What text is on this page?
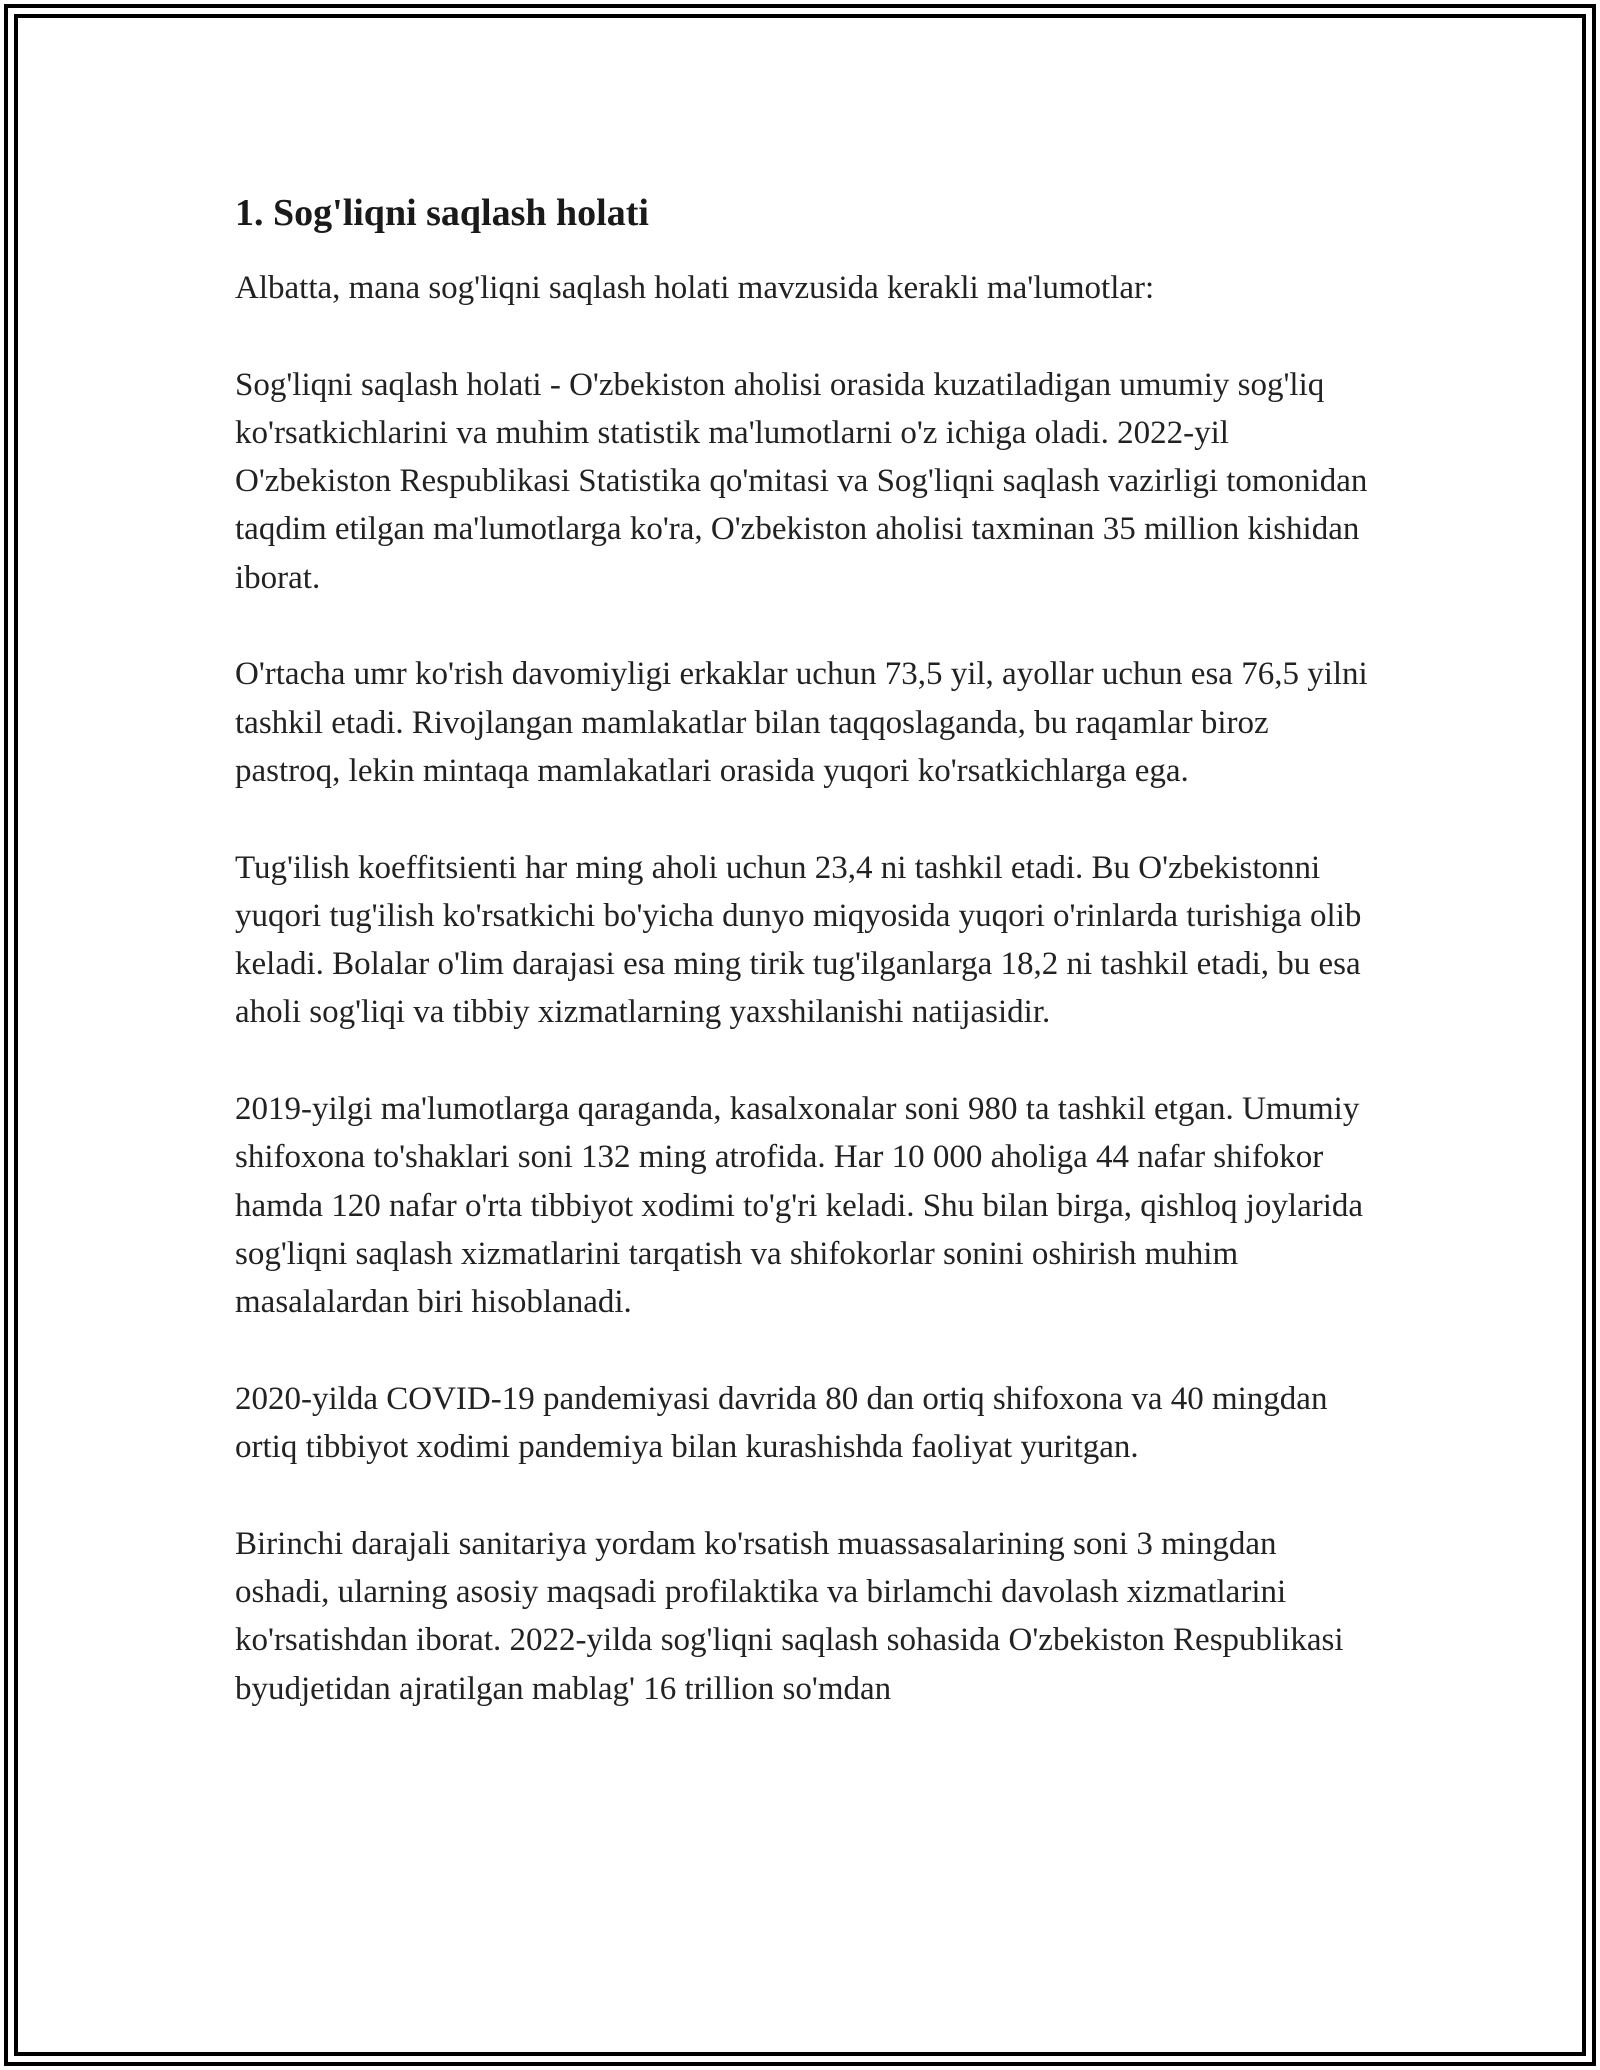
1. Sog'liqni saqlash holati

Albatta, mana sog'liqni saqlash holati mavzusida kerakli ma'lumotlar:

Sog'liqni saqlash holati - O'zbekiston aholisi orasida kuzatiladigan umumiy sog'liq ko'rsatkichlarini va muhim statistik ma'lumotlarni o'z ichiga oladi. 2022-yil O'zbekiston Respublikasi Statistika qo'mitasi va Sog'liqni saqlash vazirligi tomonidan taqdim etilgan ma'lumotlarga ko'ra, O'zbekiston aholisi taxminan 35 million kishidan iborat.

O'rtacha umr ko'rish davomiyligi erkaklar uchun 73,5 yil, ayollar uchun esa 76,5 yilni tashkil etadi. Rivojlangan mamlakatlar bilan taqqoslaganda, bu raqamlar biroz pastroq, lekin mintaqa mamlakatlari orasida yuqori ko'rsatkichlarga ega.

Tug'ilish koeffitsienti har ming aholi uchun 23,4 ni tashkil etadi. Bu O'zbekistonni yuqori tug'ilish ko'rsatkichi bo'yicha dunyo miqyosida yuqori o'rinlarda turishiga olib keladi. Bolalar o'lim darajasi esa ming tirik tug'ilganlarga 18,2 ni tashkil etadi, bu esa aholi sog'liqi va tibbiy xizmatlarning yaxshilanishi natijasidir.

2019-yilgi ma'lumotlarga qaraganda, kasalxonalar soni 980 ta tashkil etgan. Umumiy shifoxona to'shaklari soni 132 ming atrofida. Har 10 000 aholiga 44 nafar shifokor hamda 120 nafar o'rta tibbiyot xodimi to'g'ri keladi. Shu bilan birga, qishloq joylarida sog'liqni saqlash xizmatlarini tarqatish va shifokorlar sonini oshirish muhim masalalardan biri hisoblanadi.

2020-yilda COVID-19 pandemiyasi davrida 80 dan ortiq shifoxona va 40 mingdan ortiq tibbiyot xodimi pandemiya bilan kurashishda faoliyat yuritgan.

Birinchi darajali sanitariya yordam ko'rsatish muassasalarining soni 3 mingdan oshadi, ularning asosiy maqsadi profilaktika va birlamchi davolash xizmatlarini ko'rsatishdan iborat. 2022-yilda sog'liqni saqlash sohasida O'zbekiston Respublikasi byudjetidan ajratilgan mablag' 16 trillion so'mdan
